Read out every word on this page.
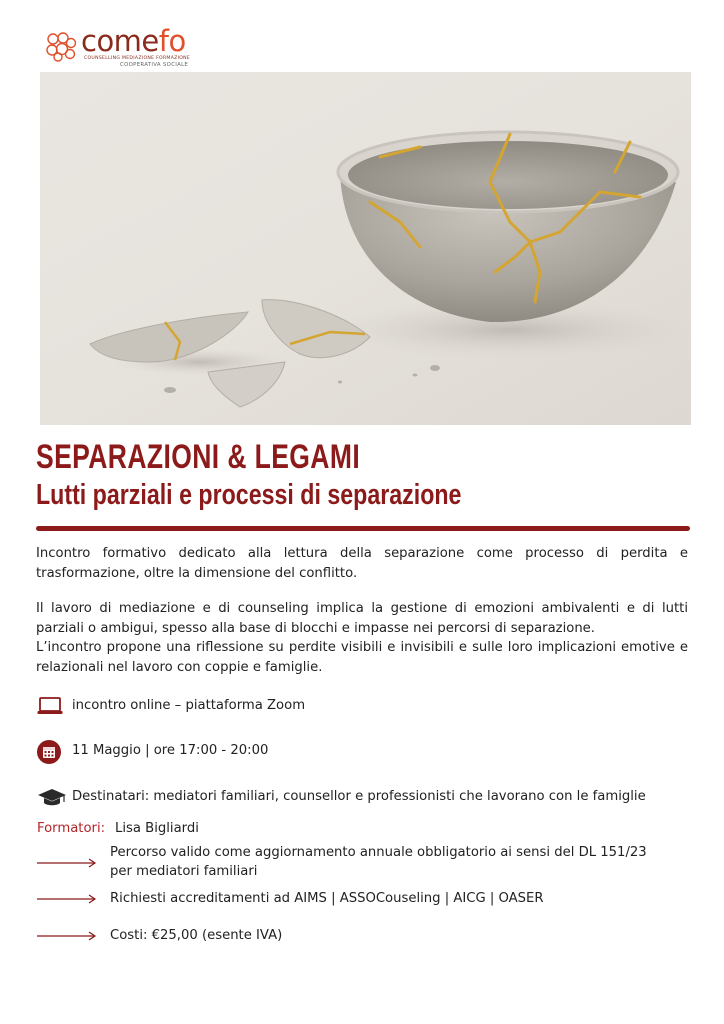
comefo
COUNSELLING MEDIAZIONE FORMAZIONE
COOPERATIVA SOCIALE
SEPARAZIONI & LEGAMI
Lutti parziali e processi di separazione
Incontro formativo dedicato alla lettura della separazione come processo di perdita e trasformazione, oltre la dimensione del conflitto.
Il lavoro di mediazione e di counseling implica la gestione di emozioni ambivalenti e di lutti parziali o ambigui, spesso alla base di blocchi e impasse nei percorsi di separazione.
L’incontro propone una riflessione su perdite visibili e invisibili e sulle loro implicazioni emotive e relazionali nel lavoro con coppie e famiglie.
incontro online – piattaforma Zoom
11 Maggio | ore 17:00 - 20:00
Destinatari: mediatori familiari, counsellor e professionisti che lavorano con le famiglie
Formatori: Lisa Bigliardi
Percorso valido come aggiornamento annuale obbligatorio ai sensi del DL 151/23 per mediatori familiari
Richiesti accreditamenti ad AIMS | ASSOCouseling | AICG | OASER
Costi: €25,00 (esente IVA)
